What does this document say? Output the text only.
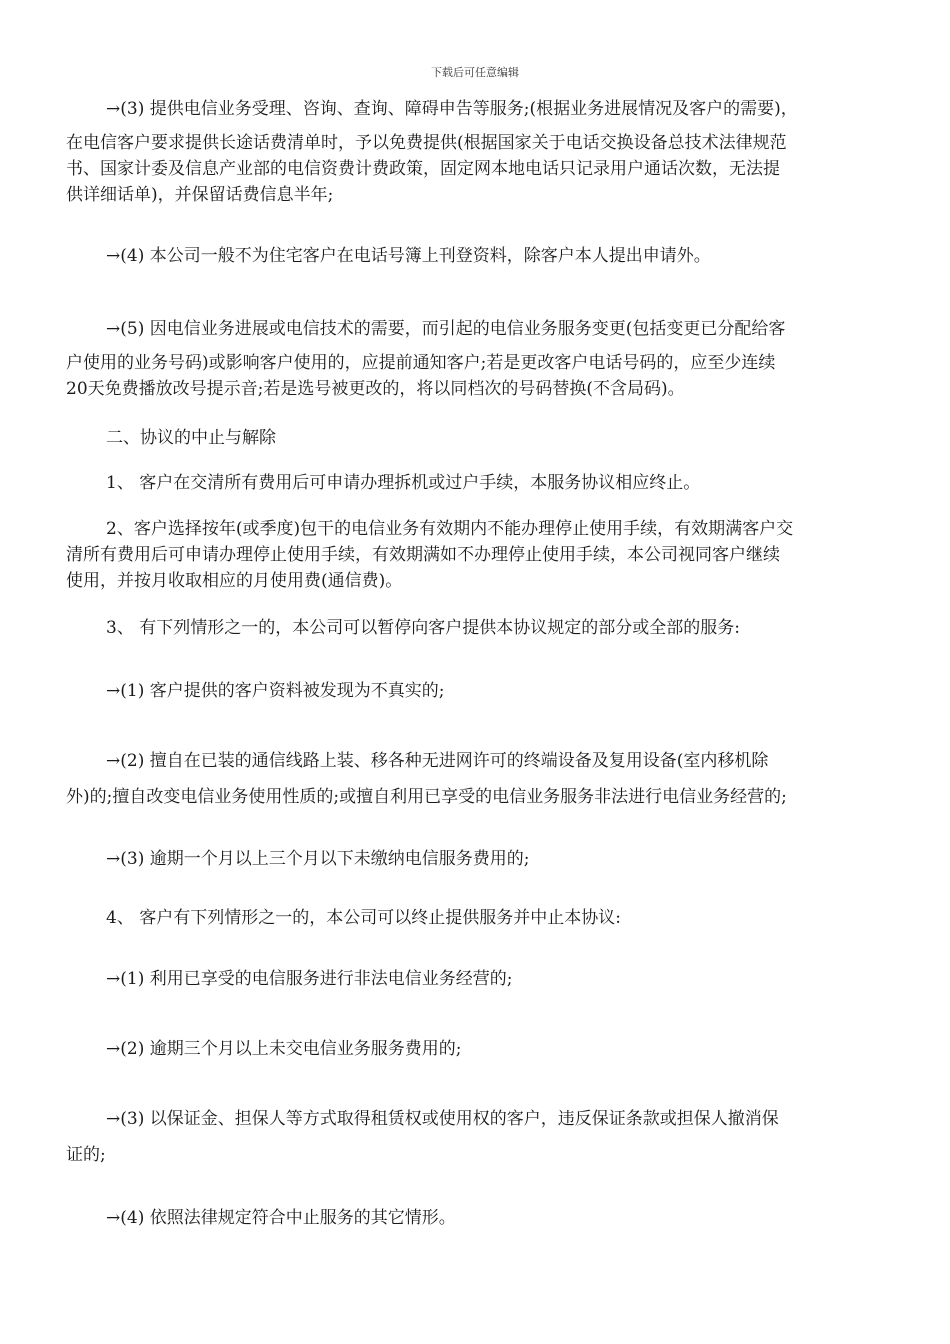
下载后可任意编辑
→(3) 提供电信业务受理、咨询、查询、障碍申告等服务;(根据业务进展情况及客户的需要)，
在电信客户要求提供长途话费清单时，予以免费提供(根据国家关于电话交换设备总技术法律规范
书、国家计委及信息产业部的电信资费计费政策，固定网本地电话只记录用户通话次数，无法提
供详细话单)，并保留话费信息半年;
→(4) 本公司一般不为住宅客户在电话号簿上刊登资料，除客户本人提出申请外。
→(5) 因电信业务进展或电信技术的需要，而引起的电信业务服务变更(包括变更已分配给客
户使用的业务号码)或影响客户使用的，应提前通知客户;若是更改客户电话号码的，应至少连续
20天免费播放改号提示音;若是选号被更改的，将以同档次的号码替换(不含局码)。
二、协议的中止与解除
1、 客户在交清所有费用后可申请办理拆机或过户手续，本服务协议相应终止。
2、客户选择按年(或季度)包干的电信业务有效期内不能办理停止使用手续，有效期满客户交
清所有费用后可申请办理停止使用手续，有效期满如不办理停止使用手续，本公司视同客户继续
使用，并按月收取相应的月使用费(通信费)。
3、 有下列情形之一的，本公司可以暂停向客户提供本协议规定的部分或全部的服务:
→(1) 客户提供的客户资料被发现为不真实的;
→(2) 擅自在已装的通信线路上装、移各种无进网许可的终端设备及复用设备(室内移机除
外)的;擅自改变电信业务使用性质的;或擅自利用已享受的电信业务服务非法进行电信业务经营的;
→(3) 逾期一个月以上三个月以下未缴纳电信服务费用的;
4、 客户有下列情形之一的，本公司可以终止提供服务并中止本协议:
→(1) 利用已享受的电信服务进行非法电信业务经营的;
→(2) 逾期三个月以上未交电信业务服务费用的;
→(3) 以保证金、担保人等方式取得租赁权或使用权的客户，违反保证条款或担保人撤消保
证的;
→(4) 依照法律规定符合中止服务的其它情形。
